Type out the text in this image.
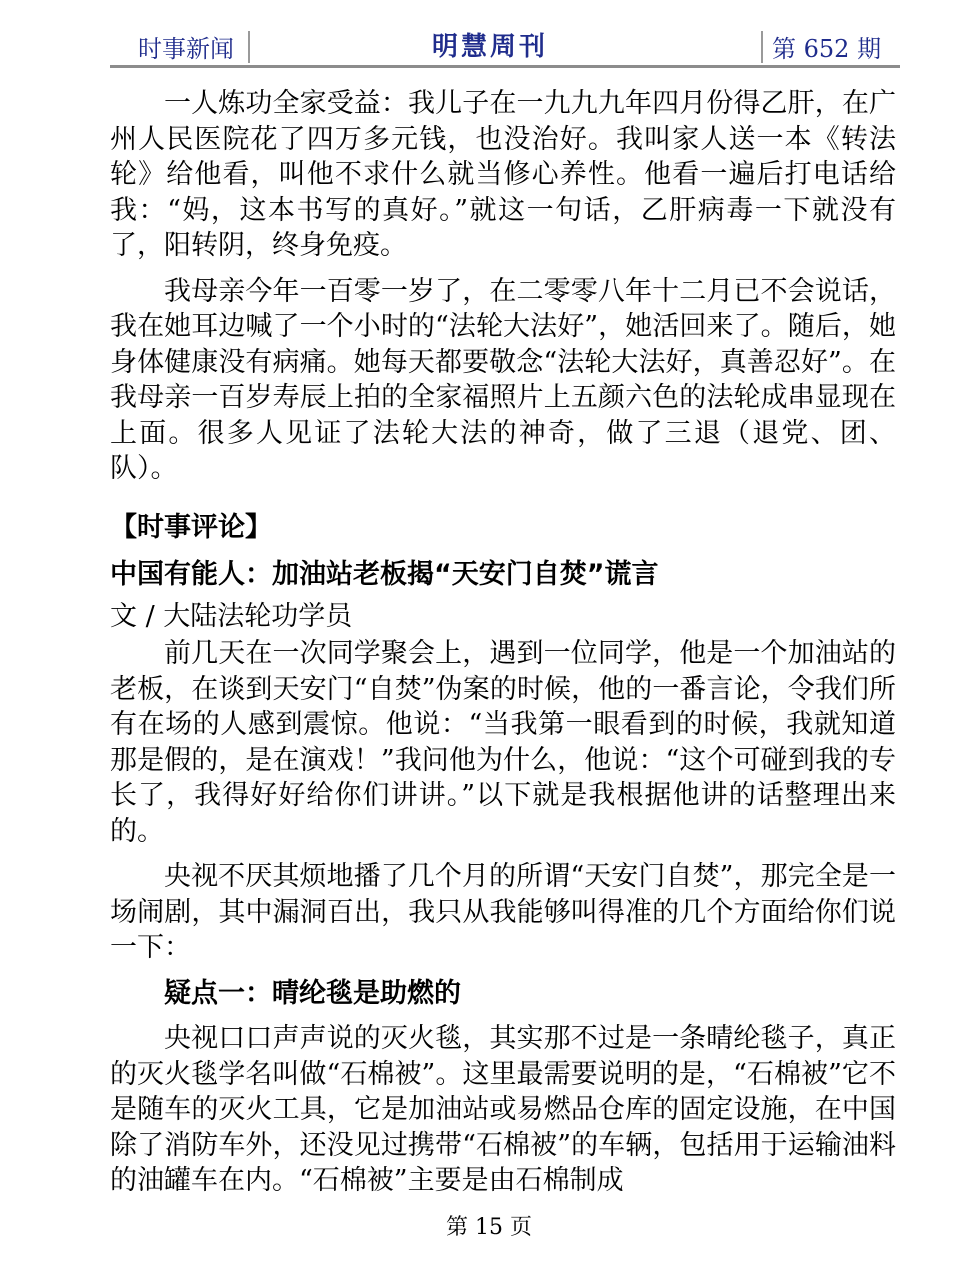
时事新闻	明慧周刊	第 652 期

一人炼功全家受益：我儿子在一九九九年四月份得乙肝，在广州人民医院花了四万多元钱，也没治好。我叫家人送一本《转法轮》给他看，叫他不求什么就当修心养性。他看一遍后打电话给我：“妈，这本书写的真好。”就这一句话，乙肝病毒一下就没有了，阳转阴，终身免疫。

我母亲今年一百零一岁了，在二零零八年十二月已不会说话，我在她耳边喊了一个小时的“法轮大法好”，她活回来了。随后，她身体健康没有病痛。她每天都要敬念“法轮大法好，真善忍好”。在我母亲一百岁寿辰上拍的全家福照片上五颜六色的法轮成串显现在上面。很多人见证了法轮大法的神奇，做了三退（退党、团、队）。

【时事评论】
中国有能人：加油站老板揭“天安门自焚”谎言
文 / 大陆法轮功学员

前几天在一次同学聚会上，遇到一位同学，他是一个加油站的老板，在谈到天安门“自焚”伪案的时候，他的一番言论，令我们所有在场的人感到震惊。他说：“当我第一眼看到的时候，我就知道那是假的，是在演戏！”我问他为什么，他说：“这个可碰到我的专长了，我得好好给你们讲讲。”以下就是我根据他讲的话整理出来的。

央视不厌其烦地播了几个月的所谓“天安门自焚”，那完全是一场闹剧，其中漏洞百出，我只从我能够叫得准的几个方面给你们说一下：

疑点一：晴纶毯是助燃的

央视口口声声说的灭火毯，其实那不过是一条晴纶毯子，真正的灭火毯学名叫做“石棉被”。这里最需要说明的是，“石棉被”它不是随车的灭火工具，它是加油站或易燃品仓库的固定设施，在中国除了消防车外，还没见过携带“石棉被”的车辆，包括用于运输油料的油罐车在内。“石棉被”主要是由石棉制成

第 15 页
